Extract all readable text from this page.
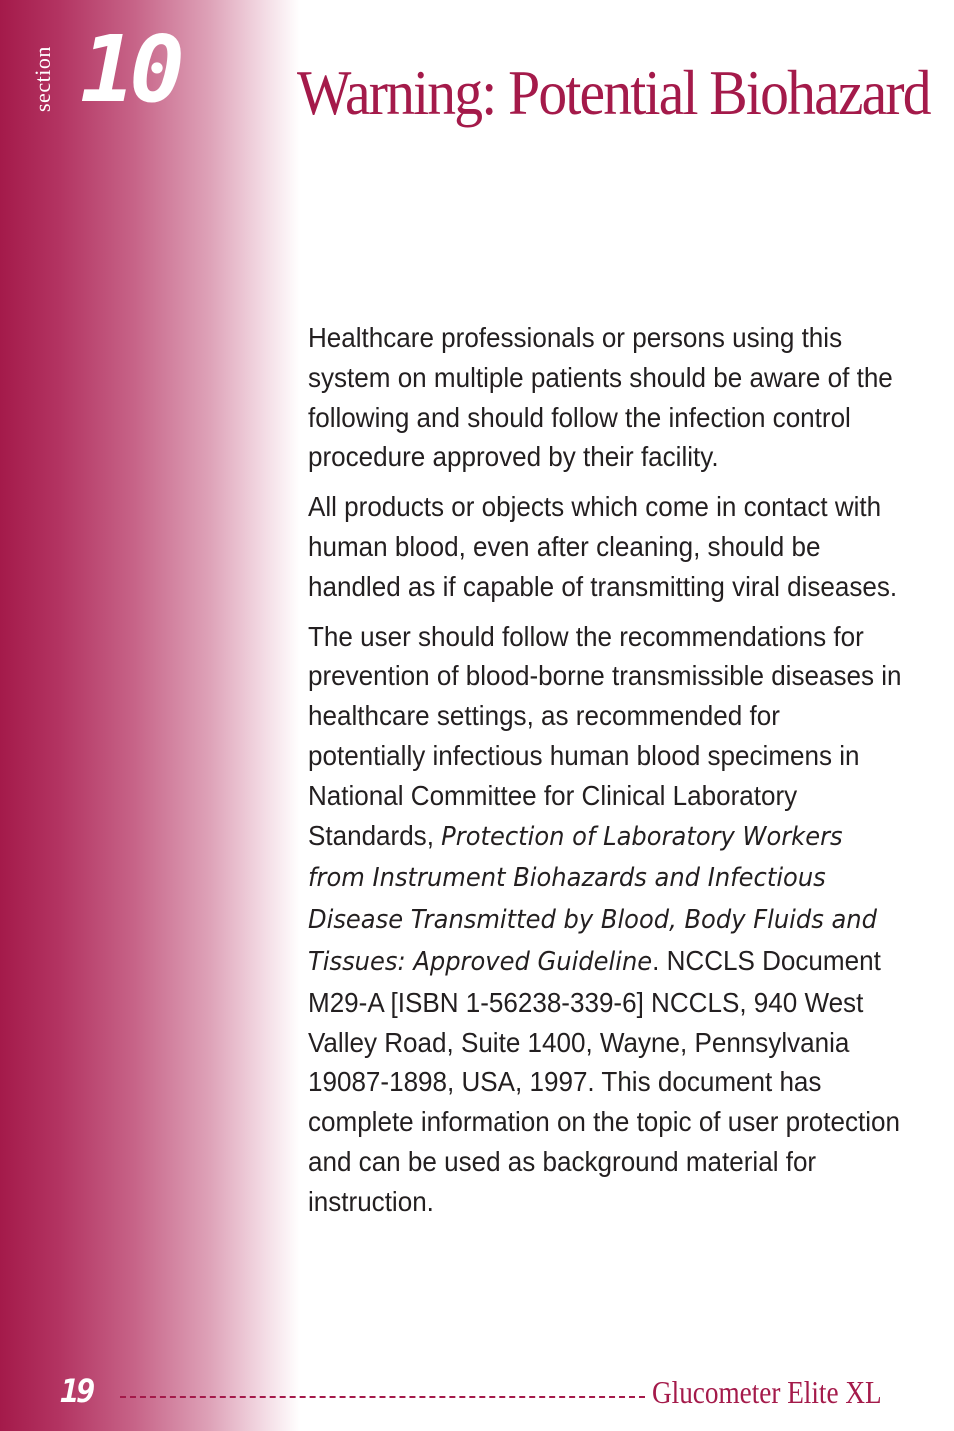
section 10 Warning: Potential Biohazard

Healthcare professionals or persons using this system on multiple patients should be aware of the following and should follow the infection control procedure approved by their facility.

All products or objects which come in contact with human blood, even after cleaning, should be handled as if capable of transmitting viral diseases.

The user should follow the recommendations for prevention of blood-borne transmissible diseases in healthcare settings, as recommended for potentially infectious human blood specimens in National Committee for Clinical Laboratory Standards, Protection of Laboratory Workers from Instrument Biohazards and Infectious Disease Transmitted by Blood, Body Fluids and Tissues: Approved Guideline. NCCLS Document M29-A [ISBN 1-56238-339-6] NCCLS, 940 West Valley Road, Suite 1400, Wayne, Pennsylvania 19087-1898, USA, 1997. This document has complete information on the topic of user protection and can be used as background material for instruction.

19	Glucometer Elite XL
